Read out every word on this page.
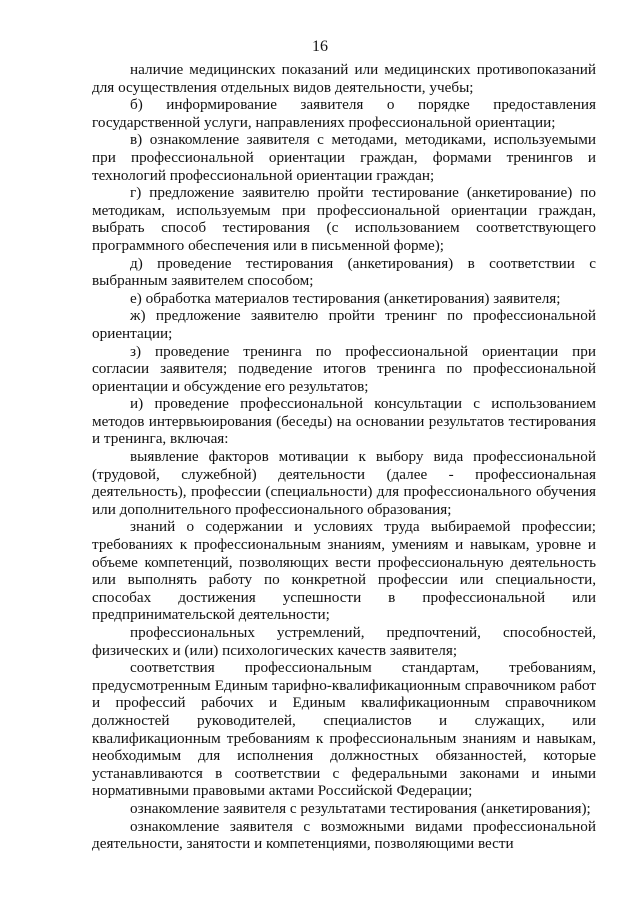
16

наличие медицинских показаний или медицинских противопоказаний для осуществления отдельных видов деятельности, учебы;

б) информирование заявителя о порядке предоставления государственной услуги, направлениях профессиональной ориентации;

в) ознакомление заявителя с методами, методиками, используемыми при профессиональной ориентации граждан, формами тренингов и технологий профессиональной ориентации граждан;

г) предложение заявителю пройти тестирование (анкетирование) по методикам, используемым при профессиональной ориентации граждан, выбрать способ тестирования (с использованием соответствующего программного обеспечения или в письменной форме);

д) проведение тестирования (анкетирования) в соответствии с выбранным заявителем способом;

е) обработка материалов тестирования (анкетирования) заявителя;

ж) предложение заявителю пройти тренинг по профессиональной ориентации;

з) проведение тренинга по профессиональной ориентации при согласии заявителя; подведение итогов тренинга по профессиональной ориентации и обсуждение его результатов;

и) проведение профессиональной консультации с использованием методов интервьюирования (беседы) на основании результатов тестирования и тренинга, включая:

выявление факторов мотивации к выбору вида профессиональной (трудовой, служебной) деятельности (далее - профессиональная деятельность), профессии (специальности) для профессионального обучения или дополнительного профессионального образования;

знаний о содержании и условиях труда выбираемой профессии; требованиях к профессиональным знаниям, умениям и навыкам, уровне и объеме компетенций, позволяющих вести профессиональную деятельность или выполнять работу по конкретной профессии или специальности, способах достижения успешности в профессиональной или предпринимательской деятельности;

профессиональных устремлений, предпочтений, способностей, физических и (или) психологических качеств заявителя;

соответствия профессиональным стандартам, требованиям, предусмотренным Единым тарифно-квалификационным справочником работ и профессий рабочих и Единым квалификационным справочником должностей руководителей, специалистов и служащих, или квалификационным требованиям к профессиональным знаниям и навыкам, необходимым для исполнения должностных обязанностей, которые устанавливаются в соответствии с федеральными законами и иными нормативными правовыми актами Российской Федерации;

ознакомление заявителя с результатами тестирования (анкетирования);

ознакомление заявителя с возможными видами профессиональной деятельности, занятости и компетенциями, позволяющими вести
